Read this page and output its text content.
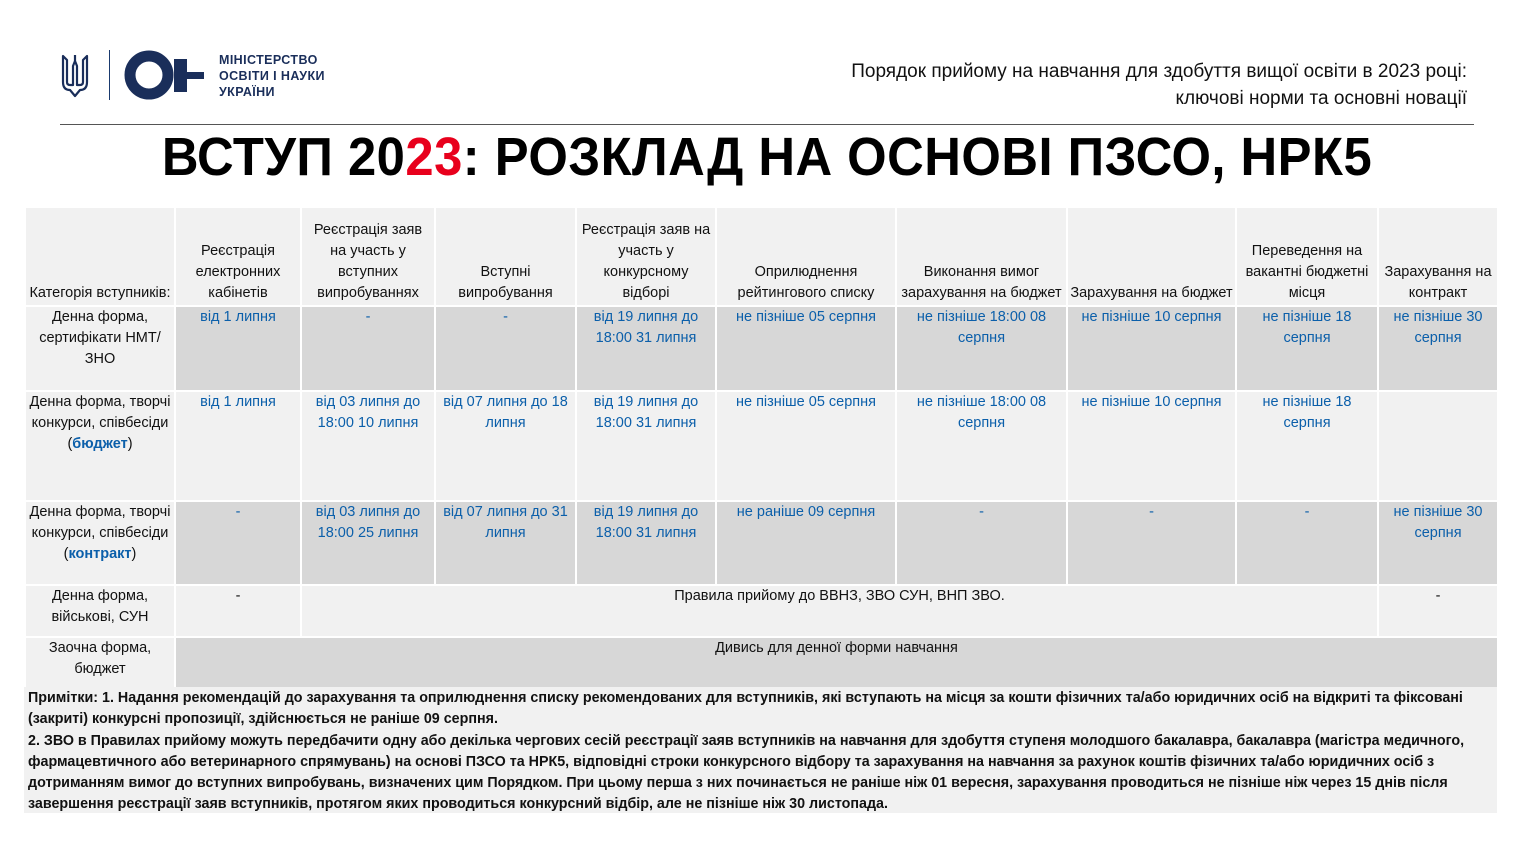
МІНІСТЕРСТВО
ОСВІТИ І НАУКИ
УКРАЇНИ
Порядок прийому на навчання для здобуття вищої освіти в 2023 році:
ключові норми та основні новації
ВСТУП 2023: РОЗКЛАД НА ОСНОВІ ПЗСО, НРК5
Категорія вступників:	Реєстрація електронних кабінетів	Реєстрація заяв на участь у вступних випробуваннях	Вступні випробування	Реєстрація заяв на участь у конкурсному відборі	Оприлюднення рейтингового списку	Виконання вимог зарахування на бюджет	Зарахування на бюджет	Переведення на вакантні бюджетні місця	Зарахування на контракт
Денна форма, сертифікати НМТ/ЗНО	від 1 липня	-	-	від 19 липня до 18:00 31 липня	не пізніше 05 серпня	не пізніше 18:00 08 серпня	не пізніше 10 серпня	не пізніше 18 серпня	не пізніше 30 серпня
Денна форма, творчі конкурси, співбесіди (бюджет)	від 1 липня	від 03 липня до 18:00 10 липня	від 07 липня до 18 липня	від 19 липня до 18:00 31 липня	не пізніше 05 серпня	не пізніше 18:00 08 серпня	не пізніше 10 серпня	не пізніше 18 серпня	
Денна форма, творчі конкурси, співбесіди (контракт)	-	від 03 липня до 18:00 25 липня	від 07 липня до 31 липня	від 19 липня до 18:00 31 липня	не раніше 09 серпня	-	-	-	не пізніше 30 серпня
Денна форма, військові, СУН	-	Правила прийому до ВВНЗ, ЗВО СУН, ВНП ЗВО.							-
Заочна форма, бюджет	Дивись для денної форми навчання								
Примітки: 1. Надання рекомендацій до зарахування та оприлюднення списку рекомендованих для вступників, які вступають на місця за кошти фізичних та/або юридичних осіб на відкриті та фіксовані (закриті) конкурсні пропозиції, здійснюється не раніше 09 серпня.
2. ЗВО в Правилах прийому можуть передбачити одну або декілька чергових сесій реєстрації заяв вступників на навчання для здобуття ступеня молодшого бакалавра, бакалавра (магістра медичного, фармацевтичного або ветеринарного спрямувань) на основі ПЗСО та НРК5, відповідні строки конкурсного відбору та зарахування на навчання за рахунок коштів фізичних та/або юридичних осіб з дотриманням вимог до вступних випробувань, визначених цим Порядком. При цьому перша з них починається не раніше ніж 01 вересня, зарахування проводиться не пізніше ніж через 15 днів після завершення реєстрації заяв вступників, протягом яких проводиться конкурсний відбір, але не пізніше ніж 30 листопада.
